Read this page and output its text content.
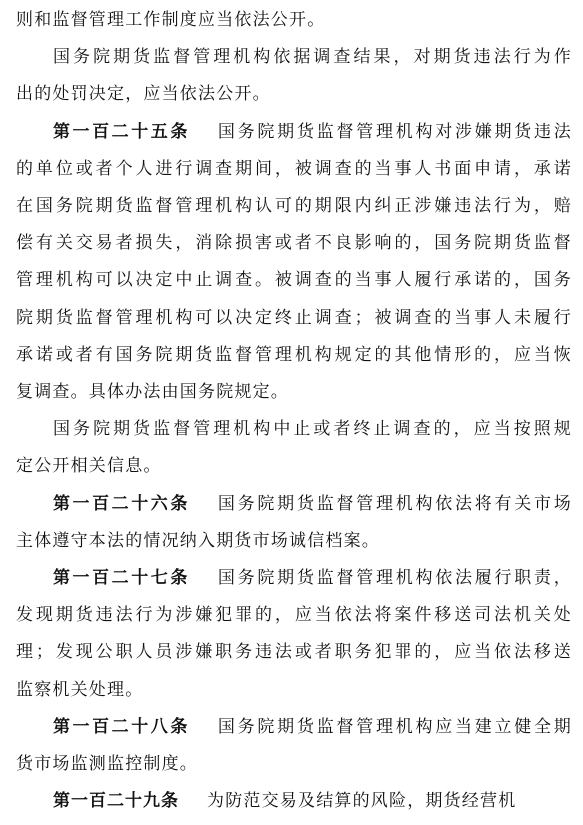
则和监督管理工作制度应当依法公开。
国务院期货监督管理机构依据调查结果，对期货违法行为作
出的处罚决定，应当依法公开。
第一百二十五条 国务院期货监督管理机构对涉嫌期货违法
的单位或者个人进行调查期间，被调查的当事人书面申请，承诺
在国务院期货监督管理机构认可的期限内纠正涉嫌违法行为，赔
偿有关交易者损失，消除损害或者不良影响的，国务院期货监督
管理机构可以决定中止调查。被调查的当事人履行承诺的，国务
院期货监督管理机构可以决定终止调查；被调查的当事人未履行
承诺或者有国务院期货监督管理机构规定的其他情形的，应当恢
复调查。具体办法由国务院规定。
国务院期货监督管理机构中止或者终止调查的，应当按照规
定公开相关信息。
第一百二十六条 国务院期货监督管理机构依法将有关市场
主体遵守本法的情况纳入期货市场诚信档案。
第一百二十七条 国务院期货监督管理机构依法履行职责，
发现期货违法行为涉嫌犯罪的，应当依法将案件移送司法机关处
理；发现公职人员涉嫌职务违法或者职务犯罪的，应当依法移送
监察机关处理。
第一百二十八条 国务院期货监督管理机构应当建立健全期
货市场监测监控制度。
第一百二十九条 为防范交易及结算的风险，期货经营机
